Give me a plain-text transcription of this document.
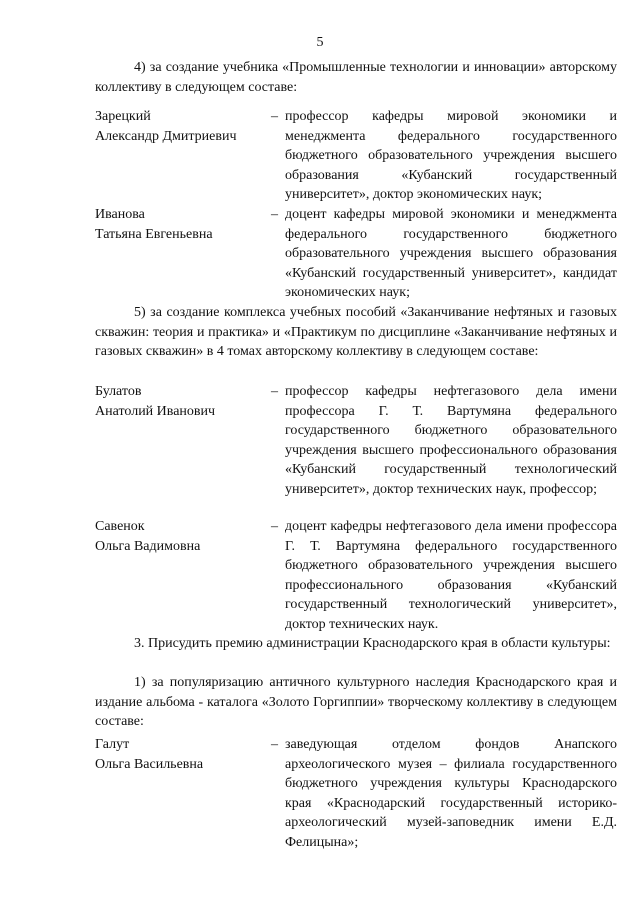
5
4) за создание учебника «Промышленные технологии и инновации» авторскому коллективу в следующем составе:
Зарецкий
Александр Дмитриевич
– профессор кафедры мировой экономики и менеджмента федерального государственного бюджетного образовательного учреждения высшего образования «Кубанский государственный университет», доктор экономических наук;
Иванова
Татьяна Евгеньевна
– доцент кафедры мировой экономики и менеджмента федерального государственного бюджетного образовательного учреждения высшего образования «Кубанский государственный университет», кандидат экономических наук;
5) за создание комплекса учебных пособий «Заканчивание нефтяных и газовых скважин: теория и практика» и «Практикум по дисциплине «Заканчивание нефтяных и газовых скважин» в 4 томах авторскому коллективу в следующем составе:
Булатов
Анатолий Иванович
– профессор кафедры нефтегазового дела имени профессора Г. Т. Вартумяна федерального государственного бюджетного образовательного учреждения высшего профессионального образования «Кубанский государственный технологический университет», доктор технических наук, профессор;
Савенок
Ольга Вадимовна
– доцент кафедры нефтегазового дела имени профессора Г. Т. Вартумяна федерального государственного бюджетного образовательного учреждения высшего профессионального образования «Кубанский государственный технологический университет», доктор технических наук.
3. Присудить премию администрации Краснодарского края в области культуры:
1) за популяризацию античного культурного наследия Краснодарского края и издание альбома - каталога «Золото Горгиппии» творческому коллективу в следующем составе:
Галут
Ольга Васильевна
– заведующая отделом фондов Анапского археологического музея – филиала государственного бюджетного учреждения культуры Краснодарского края «Краснодарский государственный историко-археологический музей-заповедник имени Е.Д. Фелицына»;
